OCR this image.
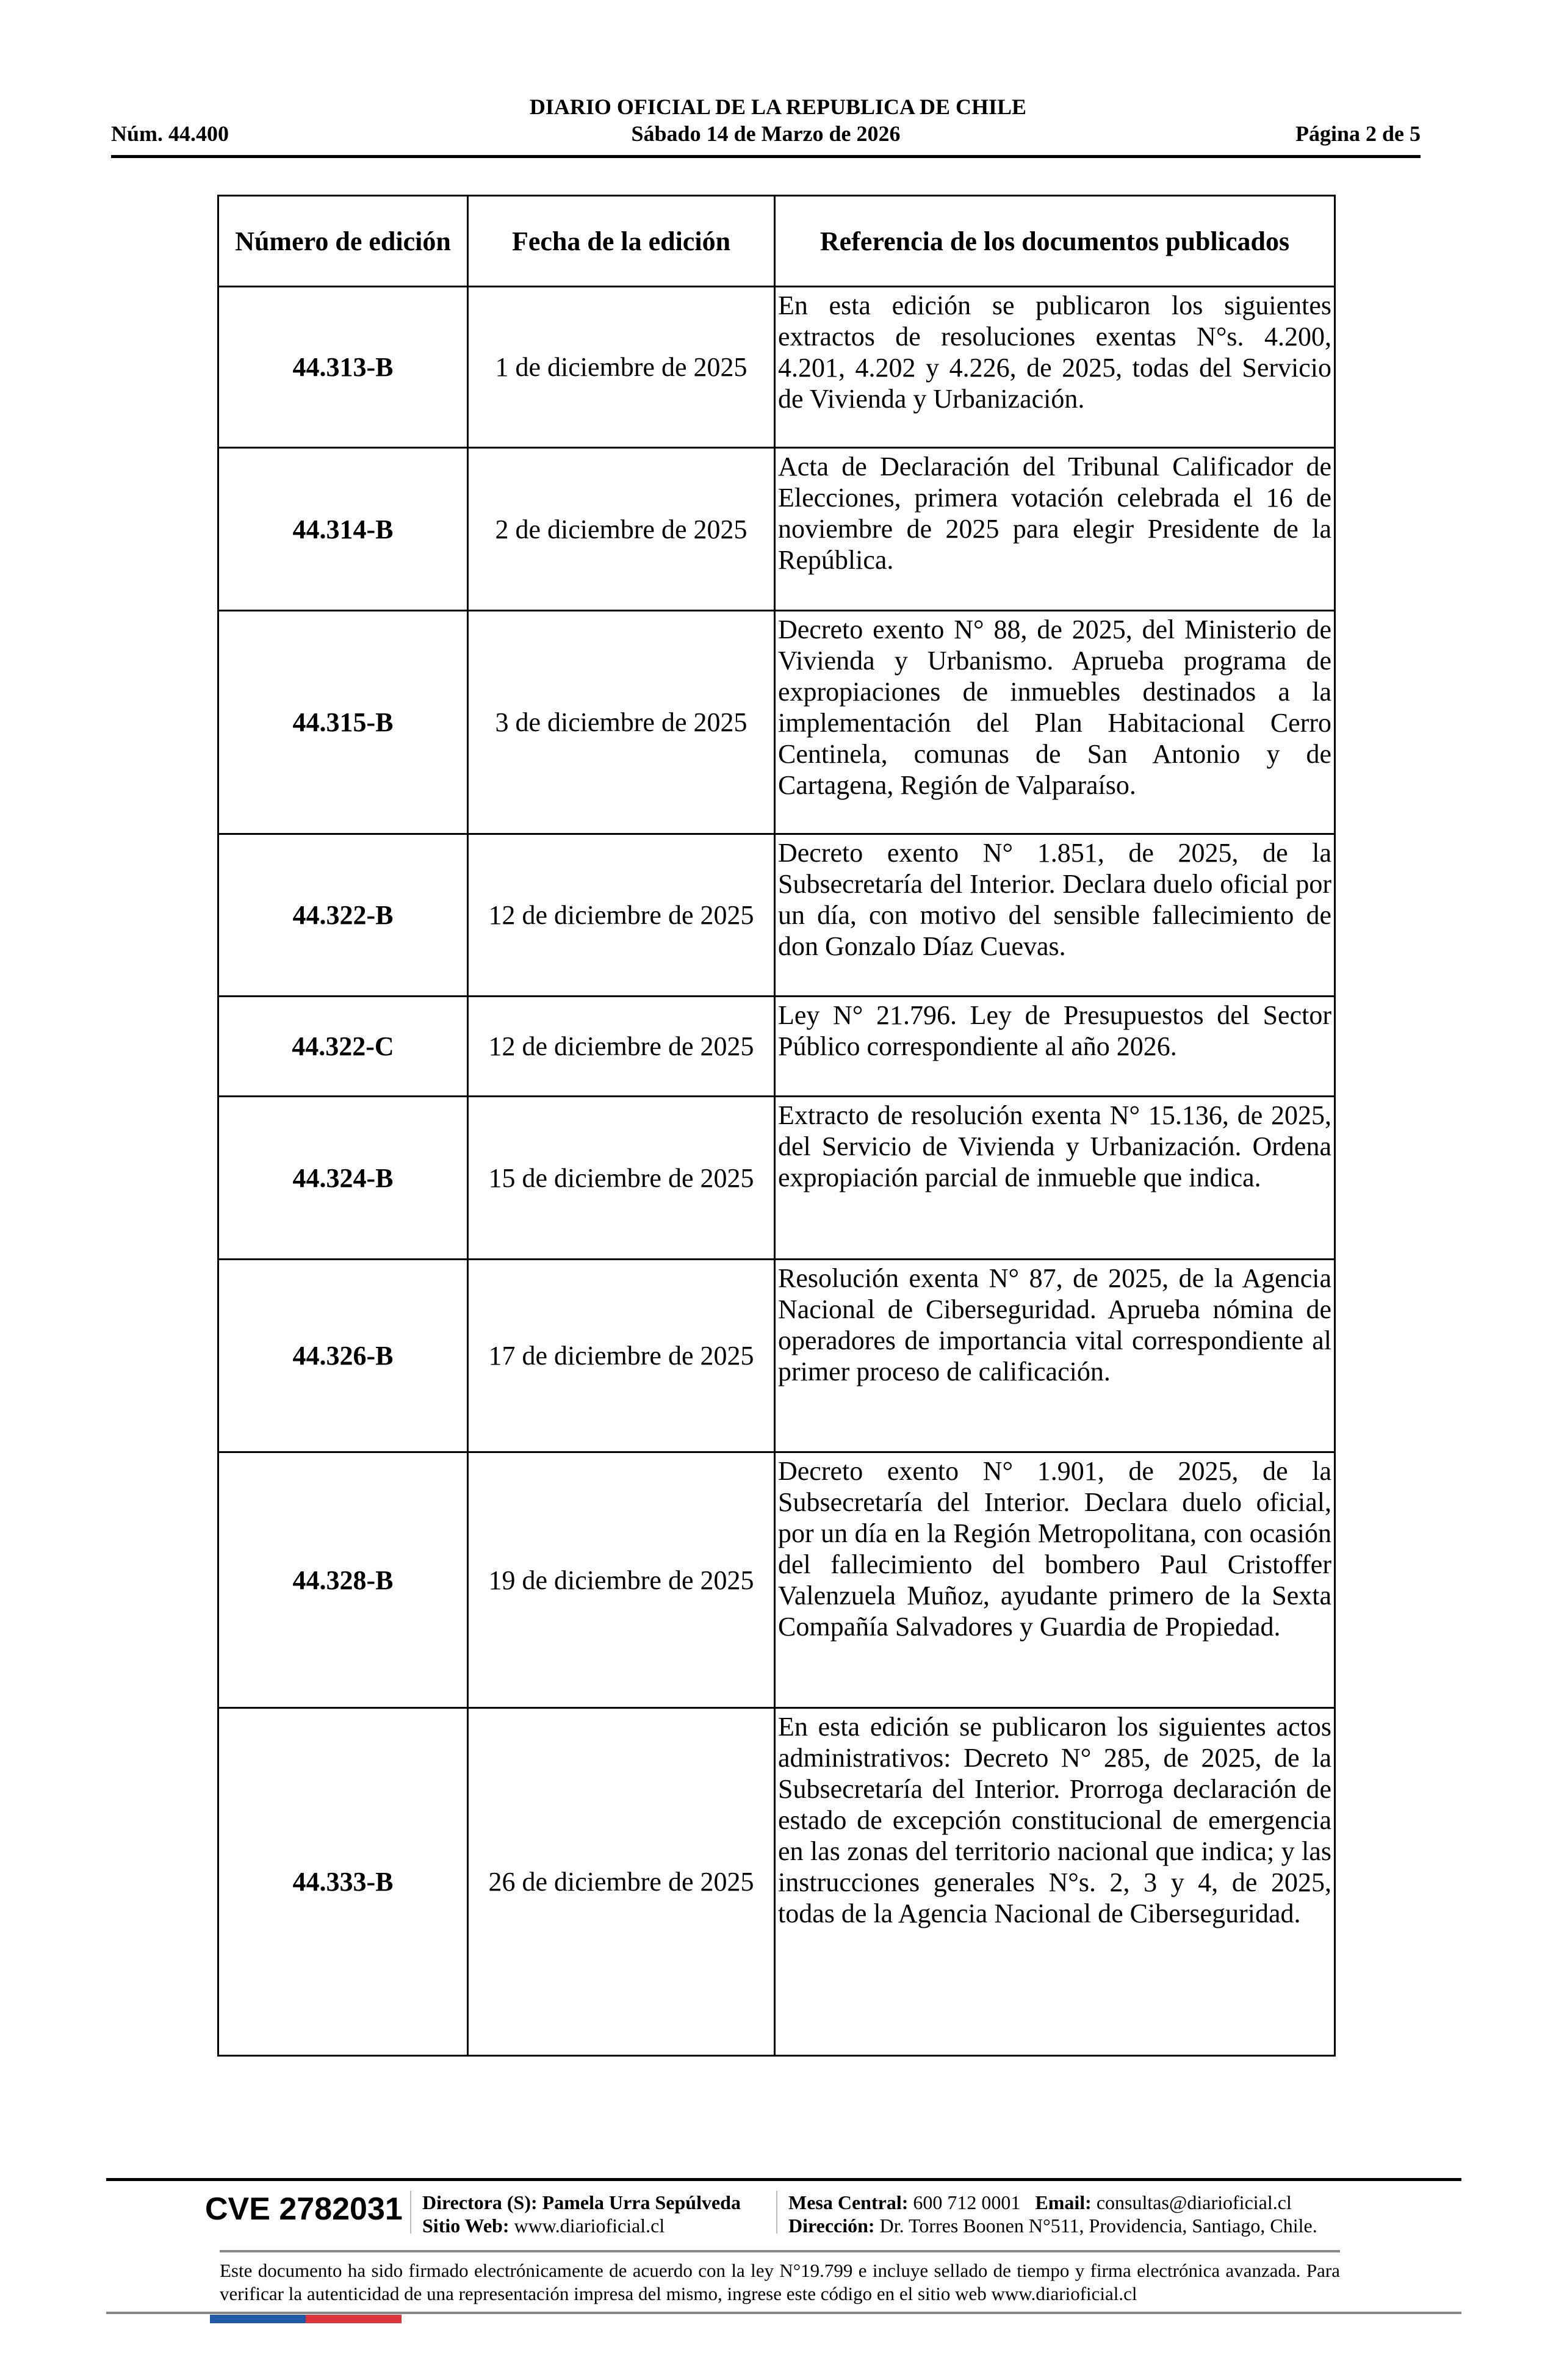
DIARIO OFICIAL DE LA REPUBLICA DE CHILE
Núm. 44.400	Sábado 14 de Marzo de 2026	Página 2 de 5
Número de edición	Fecha de la edición	Referencia de los documentos publicados
44.313-B	1 de diciembre de 2025	En esta edición se publicaron los siguientes extractos de resoluciones exentas N°s. 4.200, 4.201, 4.202 y 4.226, de 2025, todas del Servicio de Vivienda y Urbanización.
44.314-B	2 de diciembre de 2025	Acta de Declaración del Tribunal Calificador de Elecciones, primera votación celebrada el 16 de noviembre de 2025 para elegir Presidente de la República.
44.315-B	3 de diciembre de 2025	Decreto exento N° 88, de 2025, del Ministerio de Vivienda y Urbanismo. Aprueba programa de expropiaciones de inmuebles destinados a la implementación del Plan Habitacional Cerro Centinela, comunas de San Antonio y de Cartagena, Región de Valparaíso.
44.322-B	12 de diciembre de 2025	Decreto exento N° 1.851, de 2025, de la Subsecretaría del Interior. Declara duelo oficial por un día, con motivo del sensible fallecimiento de don Gonzalo Díaz Cuevas.
44.322-C	12 de diciembre de 2025	Ley N° 21.796. Ley de Presupuestos del Sector Público correspondiente al año 2026.
44.324-B	15 de diciembre de 2025	Extracto de resolución exenta N° 15.136, de 2025, del Servicio de Vivienda y Urbanización. Ordena expropiación parcial de inmueble que indica.
44.326-B	17 de diciembre de 2025	Resolución exenta N° 87, de 2025, de la Agencia Nacional de Ciberseguridad. Aprueba nómina de operadores de importancia vital correspondiente al primer proceso de calificación.
44.328-B	19 de diciembre de 2025	Decreto exento N° 1.901, de 2025, de la Subsecretaría del Interior. Declara duelo oficial, por un día en la Región Metropolitana, con ocasión del fallecimiento del bombero Paul Cristoffer Valenzuela Muñoz, ayudante primero de la Sexta Compañía Salvadores y Guardia de Propiedad.
44.333-B	26 de diciembre de 2025	En esta edición se publicaron los siguientes actos administrativos: Decreto N° 285, de 2025, de la Subsecretaría del Interior. Prorroga declaración de estado de excepción constitucional de emergencia en las zonas del territorio nacional que indica; y las instrucciones generales N°s. 2, 3 y 4, de 2025, todas de la Agencia Nacional de Ciberseguridad.
CVE 2782031 Directora (S): Pamela Urra Sepúlveda
Sitio Web: www.diarioficial.cl
Mesa Central: 600 712 0001 Email: consultas@diarioficial.cl
Dirección: Dr. Torres Boonen N°511, Providencia, Santiago, Chile.
Este documento ha sido firmado electrónicamente de acuerdo con la ley N°19.799 e incluye sellado de tiempo y firma electrónica avanzada. Para verificar la autenticidad de una representación impresa del mismo, ingrese este código en el sitio web www.diarioficial.cl
